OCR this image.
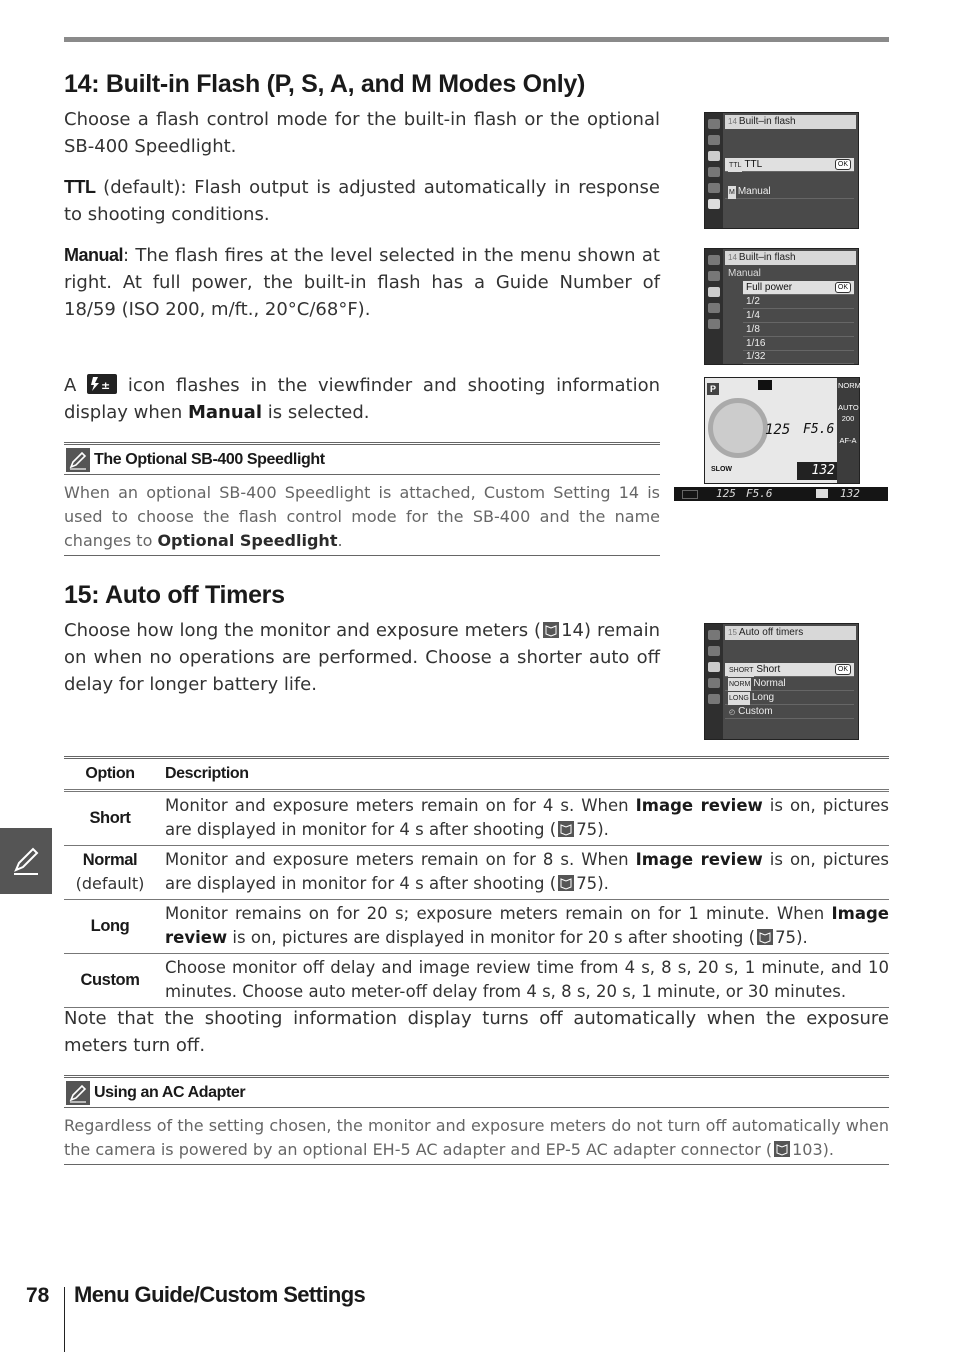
14: Built-in Flash (P, S, A, and M Modes Only)

Choose a flash control mode for the built-in flash or the optional SB-400 Speedlight.

TTL (default): Flash output is adjusted automatically in response to shooting conditions.

Manual: The flash fires at the level selected in the menu shown at right. At full power, the built-in flash has a Guide Number of 18/59 (ISO 200, m/ft., 20°C/68°F).

A ± icon flashes in the viewfinder and shooting information display when Manual is selected.
The Optional SB-400 Speedlight
When an optional SB-400 Speedlight is attached, Custom Setting 14 is used to choose the flash control mode for the SB-400 and the name changes to Optional Speedlight.
14 Built–in flash
TTL TTL	OK
M Manual
14 Built–in flash
Manual
Full power	OK
1/2
1/4
1/8
1/16
1/32
P
125 F5.6
SLOW	132
NORM
AUTO
200
AF-A
125 F5.6	132
15: Auto off Timers
Choose how long the monitor and exposure meters ( 14) remain on when no operations are performed. Choose a shorter auto off delay for longer battery life.
15 Auto off timers
SHORT Short	OK
NORM Normal
LONG Long
◴ Custom
Option	Description
Short	Monitor and exposure meters remain on for 4 s. When Image review is on, pictures are displayed in monitor for 4 s after shooting ( 75).

Normal
(default)	Monitor and exposure meters remain on for 8 s. When Image review is on, pictures are displayed in monitor for 4 s after shooting ( 75).
Long	Monitor remains on for 20 s; exposure meters remain on for 1 minute. When Image review is on, pictures are displayed in monitor for 20 s after shooting ( 75).
Custom	Choose monitor off delay and image review time from 4 s, 8 s, 20 s, 1 minute, and 10 minutes. Choose auto meter-off delay from 4 s, 8 s, 20 s, 1 minute, or 30 minutes.
Note that the shooting information display turns off automatically when the exposure meters turn off.
Using an AC Adapter
Regardless of the setting chosen, the monitor and exposure meters do not turn off automatically when the camera is powered by an optional EH-5 AC adapter and EP-5 AC adapter connector ( 103).
78 Menu Guide/Custom Settings
